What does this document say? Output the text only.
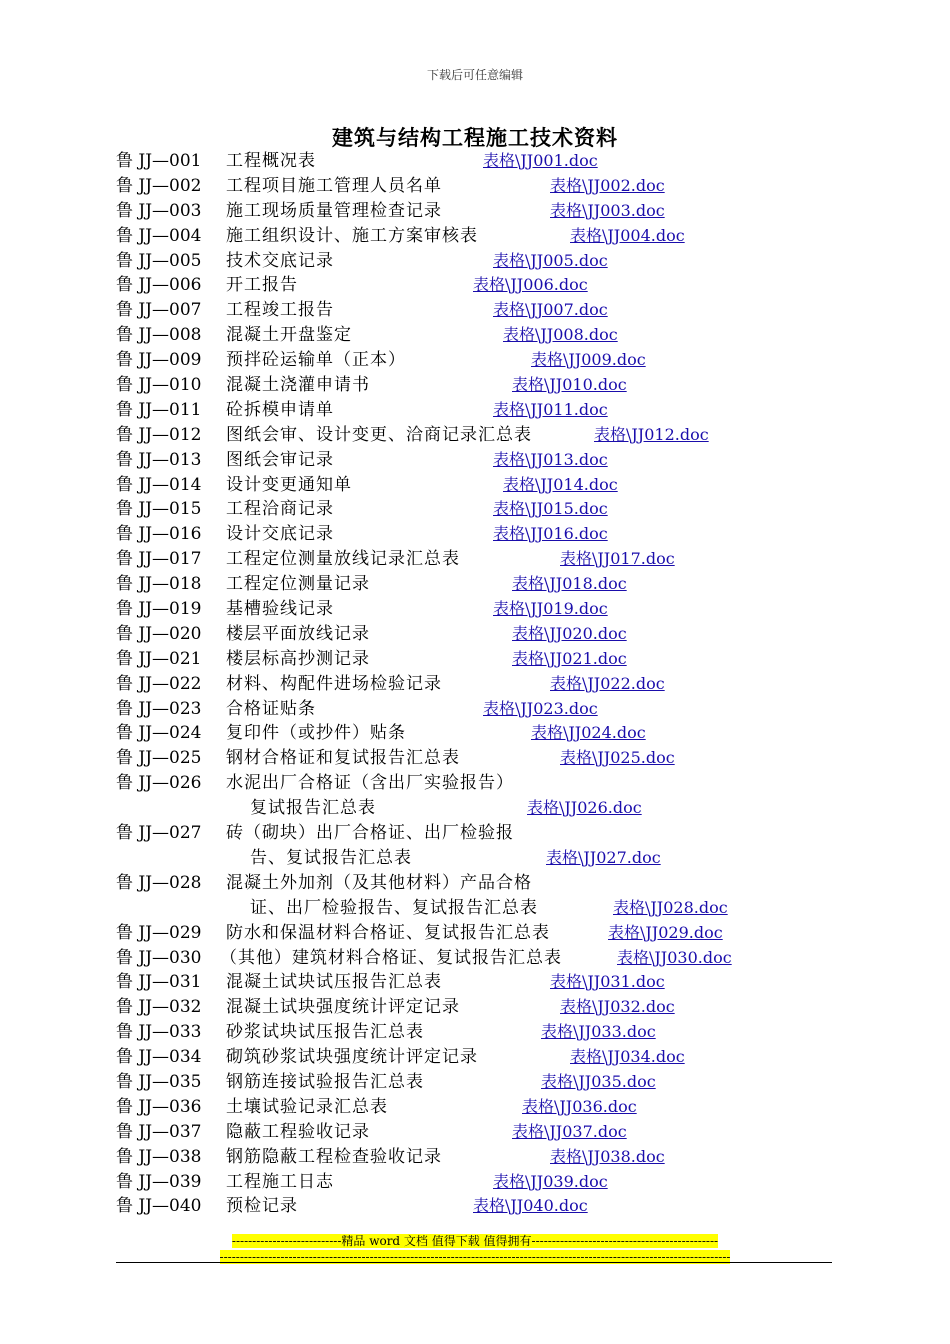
下载后可任意编辑
建筑与结构工程施工技术资料
鲁 JJ—001 工程概况表	表格\JJ001.doc
鲁 JJ—002 工程项目施工管理人员名单	表格\JJ002.doc
鲁 JJ—003 施工现场质量管理检查记录	表格\JJ003.doc
鲁 JJ—004 施工组织设计、施工方案审核表	表格\JJ004.doc
鲁 JJ—005 技术交底记录	表格\JJ005.doc
鲁 JJ—006 开工报告	表格\JJ006.doc
鲁 JJ—007 工程竣工报告	表格\JJ007.doc
鲁 JJ—008 混凝土开盘鉴定	表格\JJ008.doc
鲁 JJ—009 预拌砼运输单（正本）	表格\JJ009.doc
鲁 JJ—010 混凝土浇灌申请书	表格\JJ010.doc
鲁 JJ—011 砼拆模申请单	表格\JJ011.doc
鲁 JJ—012 图纸会审、设计变更、洽商记录汇总表	表格\JJ012.doc
鲁 JJ—013 图纸会审记录	表格\JJ013.doc
鲁 JJ—014 设计变更通知单	表格\JJ014.doc
鲁 JJ—015 工程洽商记录	表格\JJ015.doc
鲁 JJ—016 设计交底记录	表格\JJ016.doc
鲁 JJ—017 工程定位测量放线记录汇总表	表格\JJ017.doc
鲁 JJ—018 工程定位测量记录	表格\JJ018.doc
鲁 JJ—019 基槽验线记录	表格\JJ019.doc
鲁 JJ—020 楼层平面放线记录	表格\JJ020.doc
鲁 JJ—021 楼层标高抄测记录	表格\JJ021.doc
鲁 JJ—022 材料、构配件进场检验记录	表格\JJ022.doc
鲁 JJ—023 合格证贴条	表格\JJ023.doc
鲁 JJ—024 复印件（或抄件）贴条	表格\JJ024.doc
鲁 JJ—025 钢材合格证和复试报告汇总表	表格\JJ025.doc
鲁 JJ—026 水泥出厂合格证（含出厂实验报告）
复试报告汇总表	表格\JJ026.doc
鲁 JJ—027 砖（砌块）出厂合格证、出厂检验报
告、复试报告汇总表	表格\JJ027.doc
鲁 JJ—028 混凝土外加剂（及其他材料）产品合格
证、出厂检验报告、复试报告汇总表	表格\JJ028.doc
鲁 JJ—029 防水和保温材料合格证、复试报告汇总表	表格\JJ029.doc
鲁 JJ—030 （其他）建筑材料合格证、复试报告汇总表	表格\JJ030.doc
鲁 JJ—031 混凝土试块试压报告汇总表	表格\JJ031.doc
鲁 JJ—032 混凝土试块强度统计评定记录	表格\JJ032.doc
鲁 JJ—033 砂浆试块试压报告汇总表	表格\JJ033.doc
鲁 JJ—034 砌筑砂浆试块强度统计评定记录	表格\JJ034.doc
鲁 JJ—035 钢筋连接试验报告汇总表	表格\JJ035.doc
鲁 JJ—036 土壤试验记录汇总表	表格\JJ036.doc
鲁 JJ—037 隐蔽工程验收记录	表格\JJ037.doc
鲁 JJ—038 钢筋隐蔽工程检查验收记录	表格\JJ038.doc
鲁 JJ—039 工程施工日志	表格\JJ039.doc
鲁 JJ—040 预检记录	表格\JJ040.doc
---------------------------精品 word 文档 值得下载 值得拥有----------------------------------------------
------------------------------------------------------------------------------------------------------------------------------
